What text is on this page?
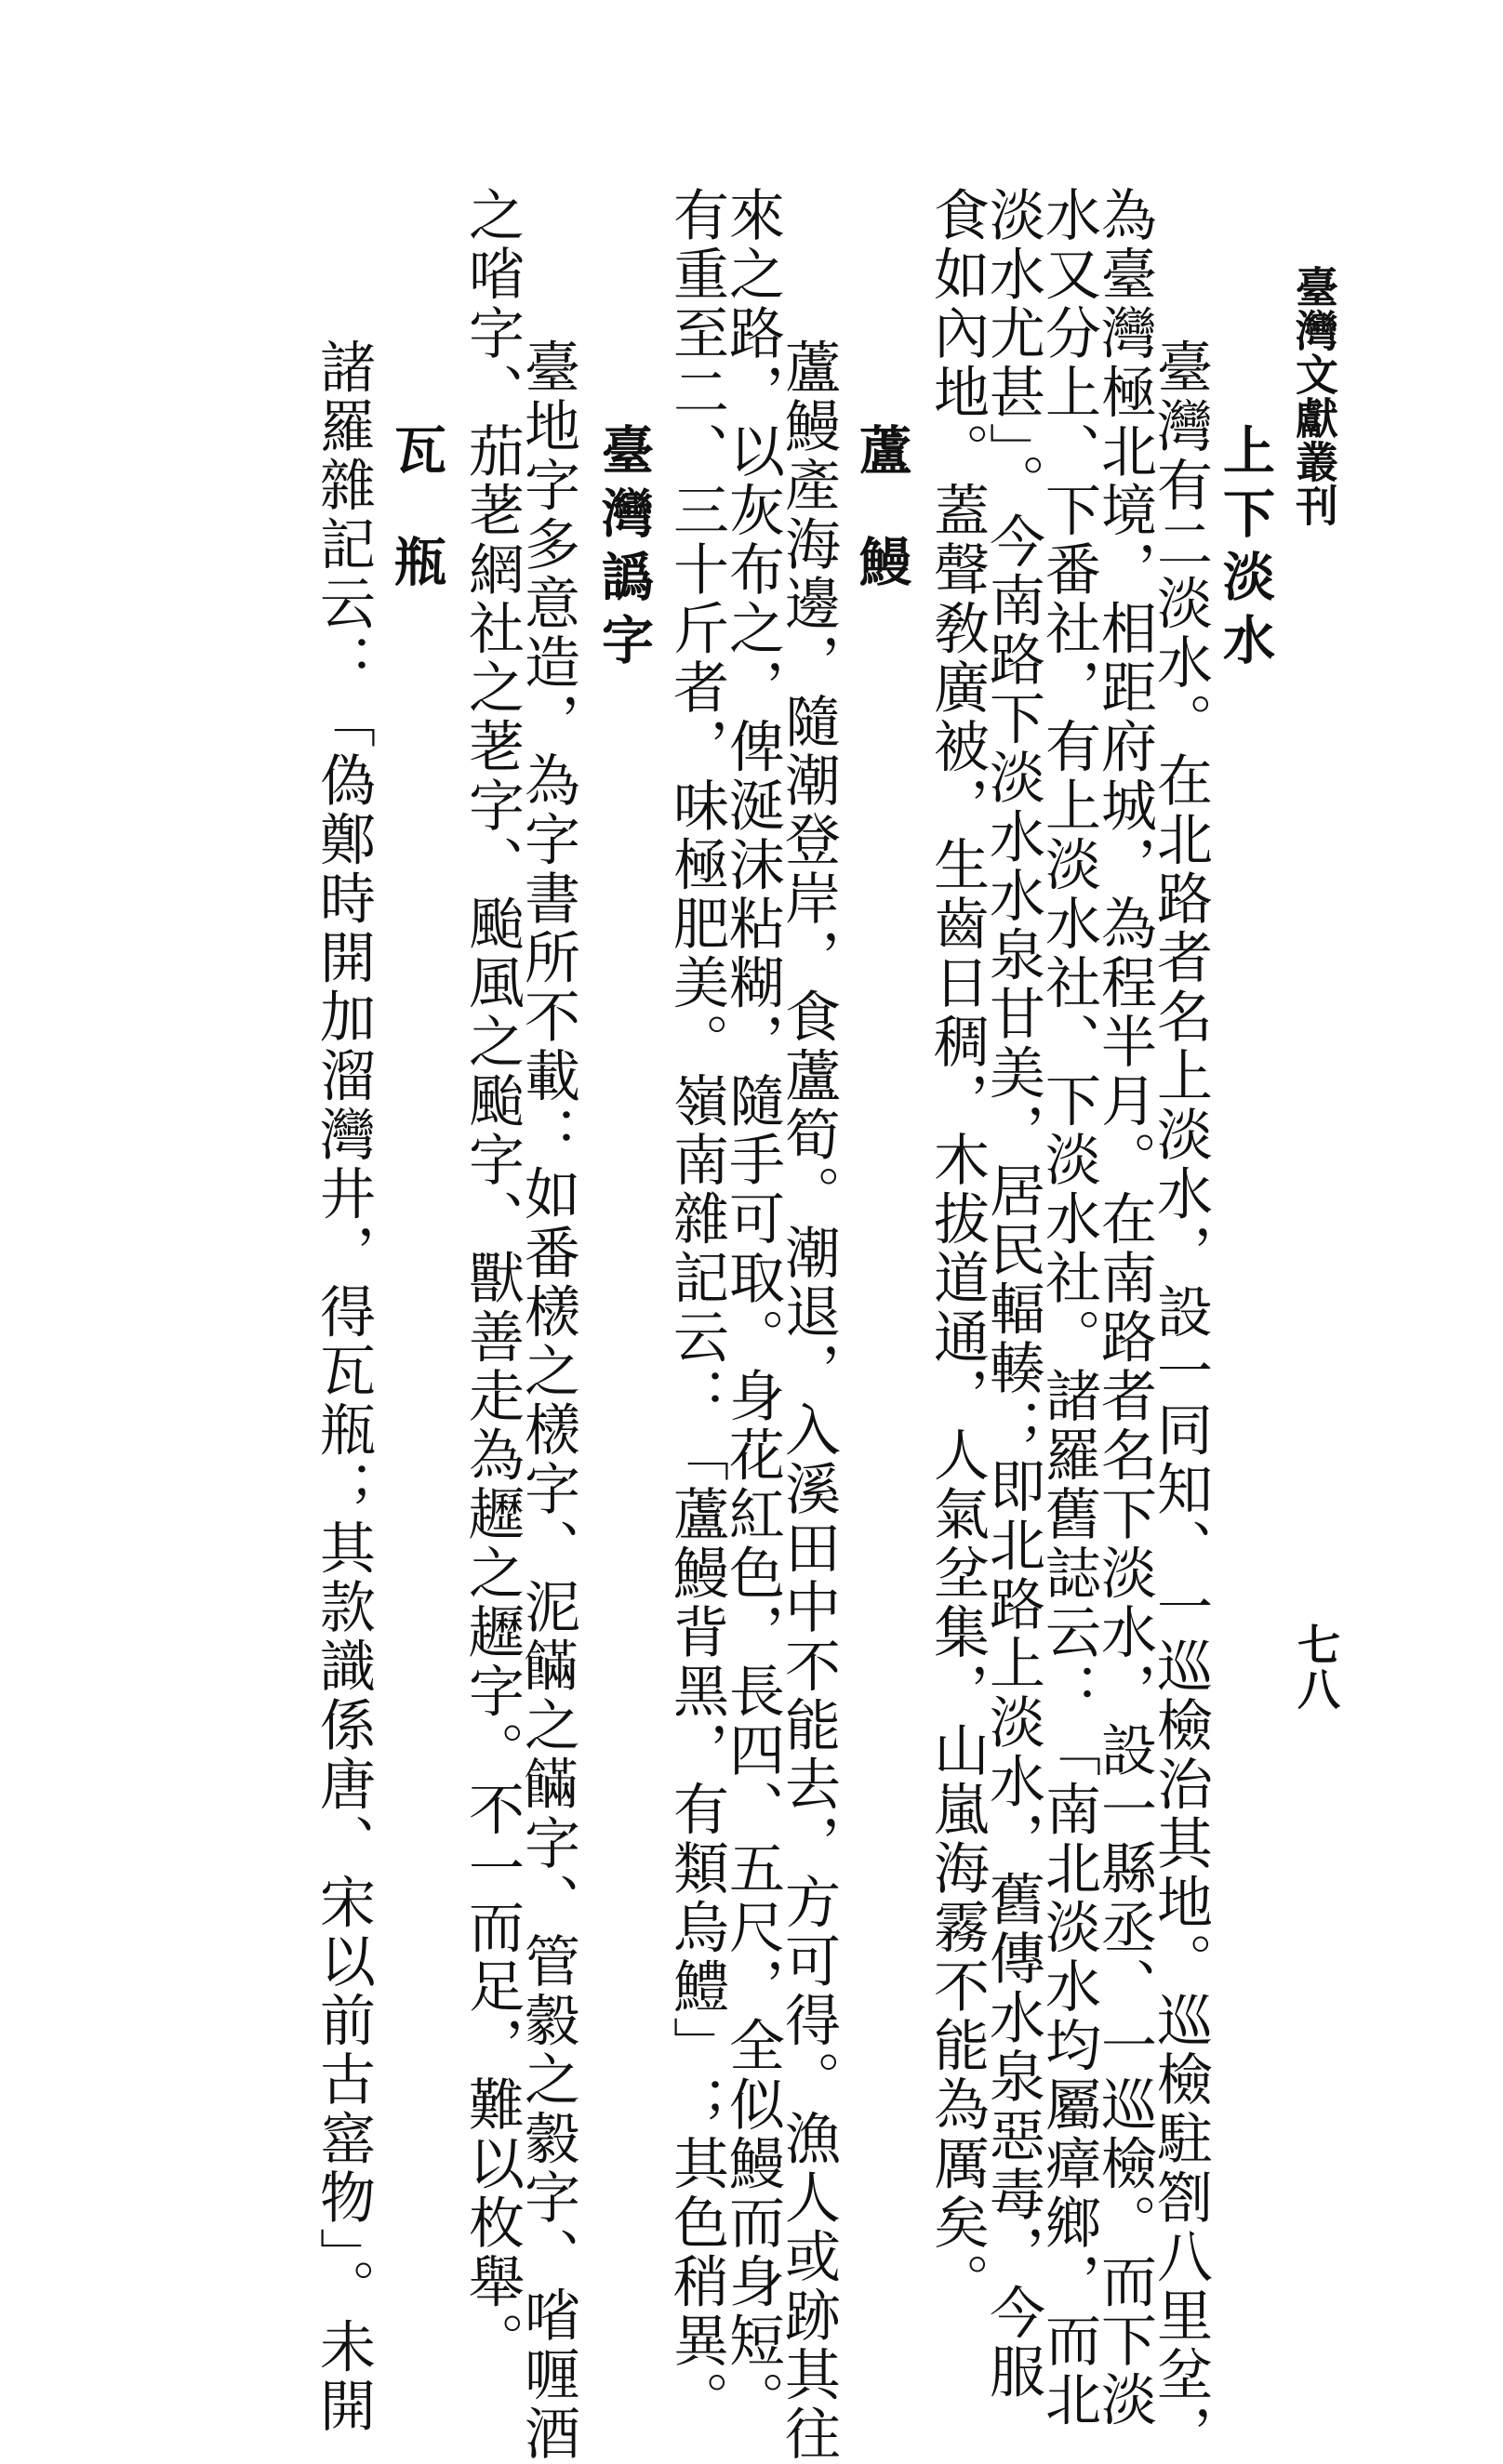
臺灣文獻叢刊
七八
上下淡水
　臺灣有二淡水。在北路者名上淡水，設一同知、一巡檢治其地。巡檢駐劄八里坌，
為臺灣極北境，相距府城，為程半月。在南路者名下淡水，設一縣丞、一巡檢。而下淡
水又分上、下番社，有上淡水社、下淡水社。諸羅舊誌云：「南北淡水均屬瘴鄉，而北
淡水尤甚」。今南路下淡水水泉甘美，居民輻輳；即北路上淡水，舊傳水泉惡毒，今服
食如內地。蓋聲敎廣被，生齒日稠，木拔道通，人氣坌集，山嵐海霧不能為厲矣。
蘆鰻
　蘆鰻產海邊，隨潮登岸，食蘆筍。潮退，入溪田中不能去，方可得。漁人或跡其往
來之路，以灰布之，俾涎沫粘糊，隨手可取。身花紅色，長四、五尺，全似鰻而身短。
有重至二、三十斤者，味極肥美。嶺南雜記云：「蘆鰻背黑，有類烏鱧」；其色稍異。
臺灣譌字
　臺地字多意造，為字書所不載：如番檨之檨字、泥𩞘之𩞘字、管豰之豰字、㗂喱酒
之㗂字、茄荖網社之荖字、颱風之颱字、獸善走為䟐之䟐字。不一而足，難以枚舉。
瓦瓶
　諸羅雜記云：「偽鄭時開加溜灣井，得瓦瓶；其款識係唐、宋以前古窰物」。未開
